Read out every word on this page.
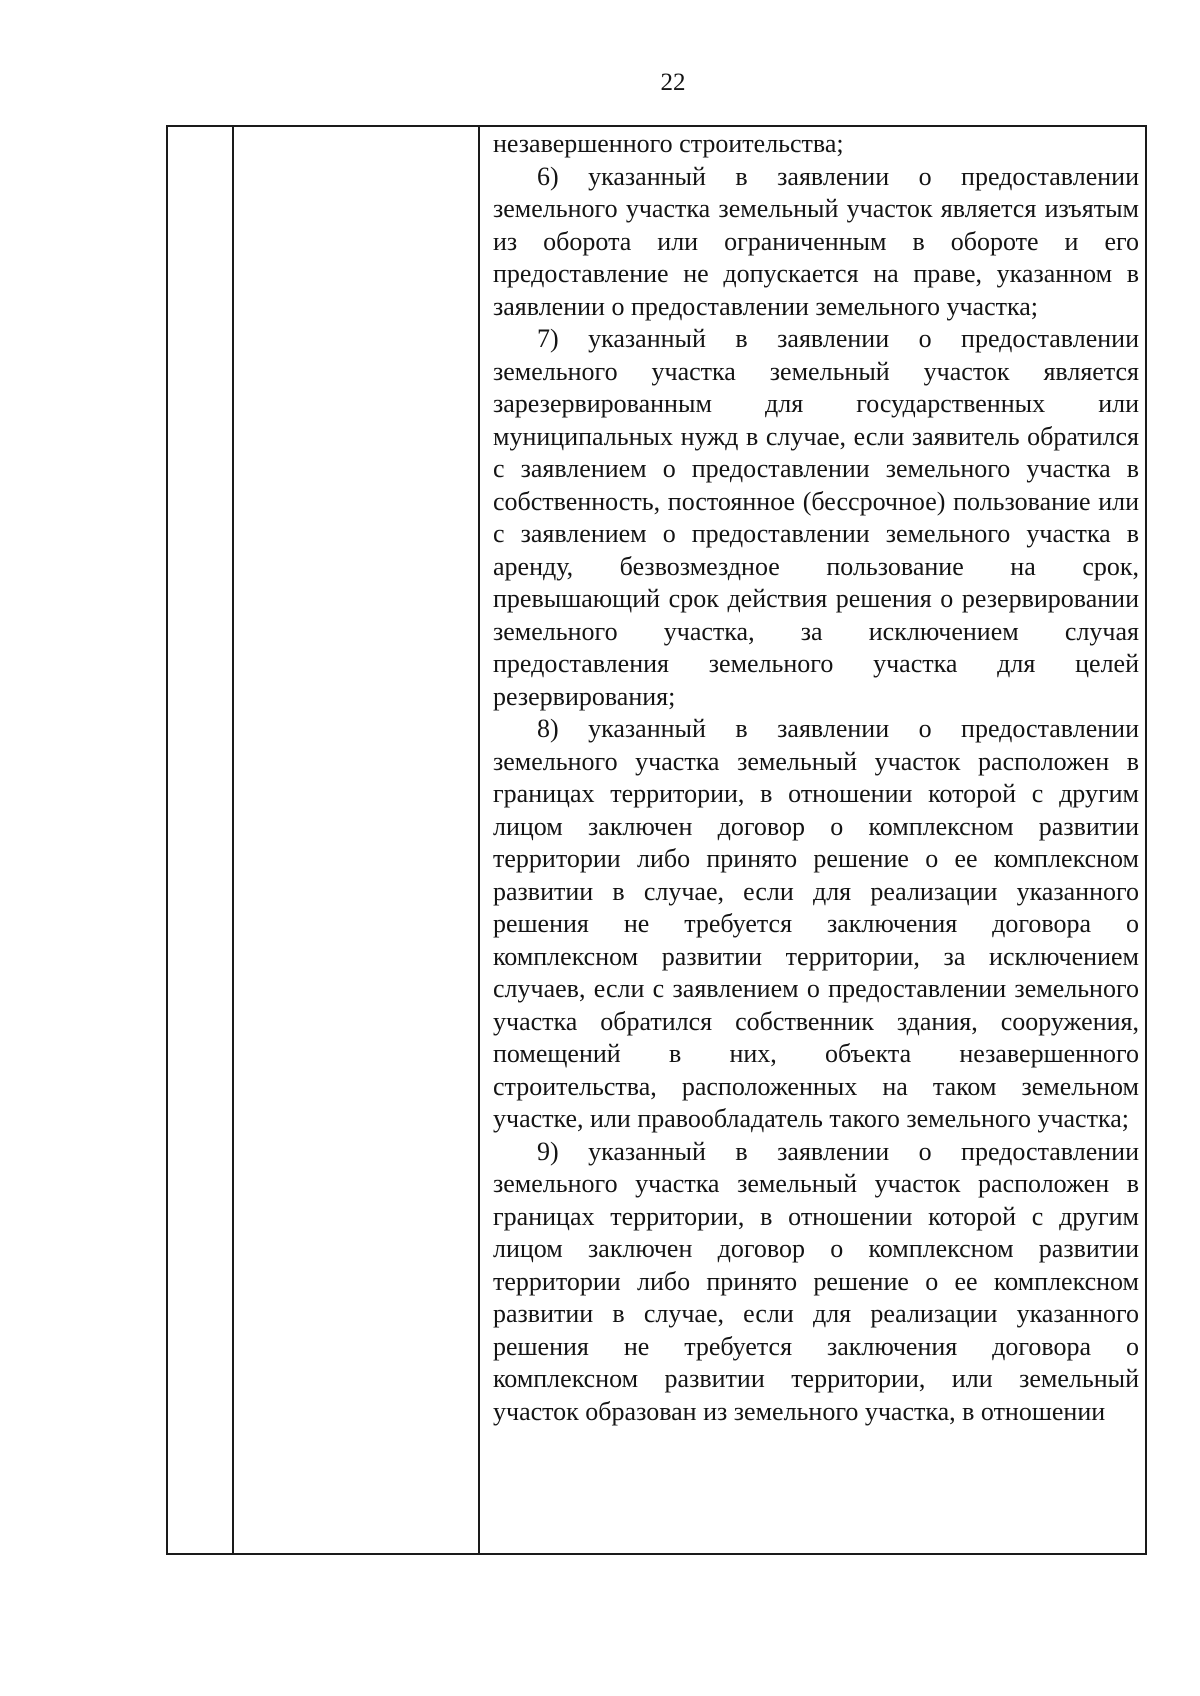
22

незавершенного строительства;

6) указанный в заявлении о предоставлении земельного участка земельный участок является изъятым из оборота или ограниченным в обороте и его предоставление не допускается на праве, указанном в заявлении о предоставлении земельного участка;

7) указанный в заявлении о предоставлении земельного участка земельный участок является зарезервированным для государственных или муниципальных нужд в случае, если заявитель обратился с заявлением о предоставлении земельного участка в собственность, постоянное (бессрочное) пользование или с заявлением о предоставлении земельного участка в аренду, безвозмездное пользование на срок, превышающий срок действия решения о резервировании земельного участка, за исключением случая предоставления земельного участка для целей резервирования;

8) указанный в заявлении о предоставлении земельного участка земельный участок расположен в границах территории, в отношении которой с другим лицом заключен договор о комплексном развитии территории либо принято решение о ее комплексном развитии в случае, если для реализации указанного решения не требуется заключения договора о комплексном развитии территории, за исключением случаев, если с заявлением о предоставлении земельного участка обратился собственник здания, сооружения, помещений в них, объекта незавершенного строительства, расположенных на таком земельном участке, или правообладатель такого земельного участка;

9) указанный в заявлении о предоставлении земельного участка земельный участок расположен в границах территории, в отношении которой с другим лицом заключен договор о комплексном развитии территории либо принято решение о ее комплексном развитии в случае, если для реализации указанного решения не требуется заключения договора о комплексном развитии территории, или земельный участок образован из земельного участка, в отношении
